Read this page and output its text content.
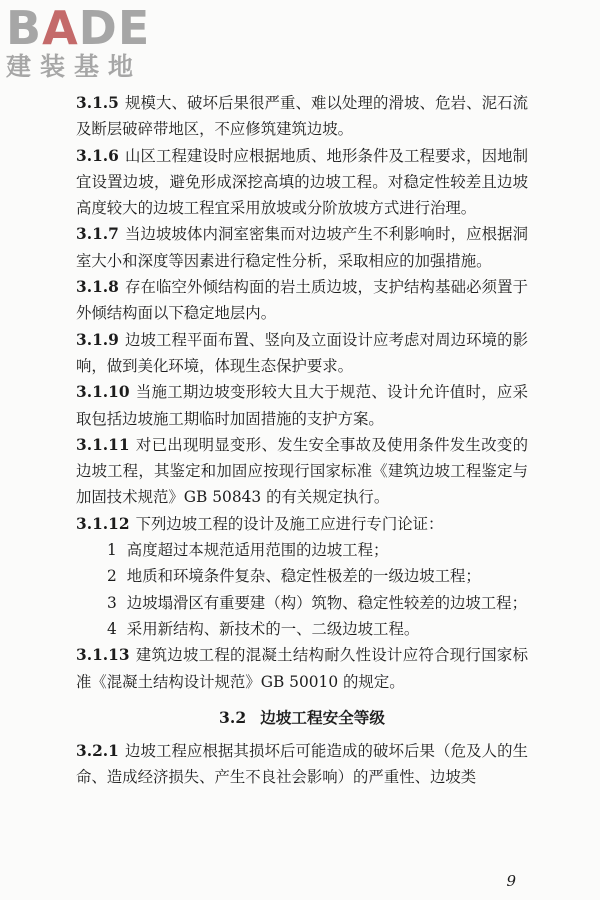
BADE
建装基地

3.1.5 规模大、破坏后果很严重、难以处理的滑坡、危岩、泥石流及断层破碎带地区，不应修筑建筑边坡。

3.1.6 山区工程建设时应根据地质、地形条件及工程要求，因地制宜设置边坡，避免形成深挖高填的边坡工程。对稳定性较差且边坡高度较大的边坡工程宜采用放坡或分阶放坡方式进行治理。

3.1.7 当边坡坡体内洞室密集而对边坡产生不利影响时，应根据洞室大小和深度等因素进行稳定性分析，采取相应的加强措施。

3.1.8 存在临空外倾结构面的岩土质边坡，支护结构基础必须置于外倾结构面以下稳定地层内。

3.1.9 边坡工程平面布置、竖向及立面设计应考虑对周边环境的影响，做到美化环境，体现生态保护要求。

3.1.10 当施工期边坡变形较大且大于规范、设计允许值时，应采取包括边坡施工期临时加固措施的支护方案。

3.1.11 对已出现明显变形、发生安全事故及使用条件发生改变的边坡工程，其鉴定和加固应按现行国家标准《建筑边坡工程鉴定与加固技术规范》GB 50843 的有关规定执行。

3.1.12 下列边坡工程的设计及施工应进行专门论证：

1 高度超过本规范适用范围的边坡工程；

2 地质和环境条件复杂、稳定性极差的一级边坡工程；

3 边坡塌滑区有重要建（构）筑物、稳定性较差的边坡工程；

4 采用新结构、新技术的一、二级边坡工程。

3.1.13 建筑边坡工程的混凝土结构耐久性设计应符合现行国家标准《混凝土结构设计规范》GB 50010 的规定。

3.2 边坡工程安全等级

3.2.1 边坡工程应根据其损坏后可能造成的破坏后果（危及人的生命、造成经济损失、产生不良社会影响）的严重性、边坡类

9
